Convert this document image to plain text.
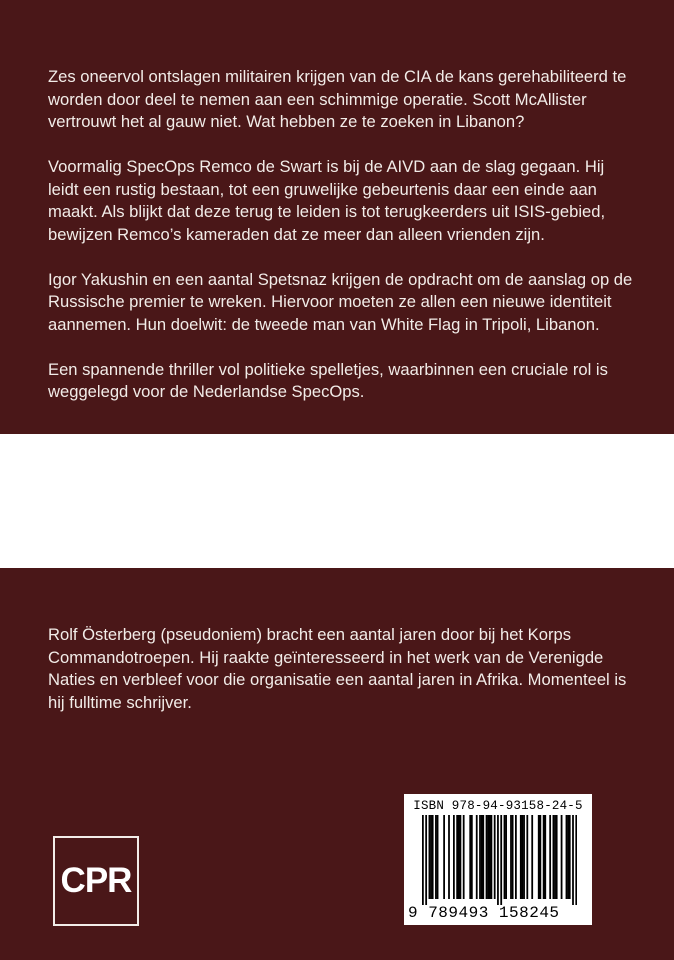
Zes oneervol ontslagen militairen krijgen van de CIA de kans gerehabiliteerd te worden door deel te nemen aan een schimmige operatie. Scott McAllister vertrouwt het al gauw niet. Wat hebben ze te zoeken in Libanon?

Voormalig SpecOps Remco de Swart is bij de AIVD aan de slag gegaan. Hij leidt een rustig bestaan, tot een gruwelijke gebeurtenis daar een einde aan maakt. Als blijkt dat deze terug te leiden is tot terugkeerders uit ISIS-gebied, bewijzen Remco’s kameraden dat ze meer dan alleen vrienden zijn.

Igor Yakushin en een aantal Spetsnaz krijgen de opdracht om de aanslag op de Russische premier te wreken. Hiervoor moeten ze allen een nieuwe identiteit aannemen. Hun doelwit: de tweede man van White Flag in Tripoli, Libanon.

Een spannende thriller vol politieke spelletjes, waarbinnen een cruciale rol is weggelegd voor de Nederlandse SpecOps.

Rolf Österberg (pseudoniem) bracht een aantal jaren door bij het Korps Commandotroepen. Hij raakte geïnteresseerd in het werk van de Verenigde Naties en verbleef voor die organisatie een aantal jaren in Afrika. Momenteel is hij fulltime schrijver.

CPR
ISBN 978-94-93158-24-5
9 789493 158245
